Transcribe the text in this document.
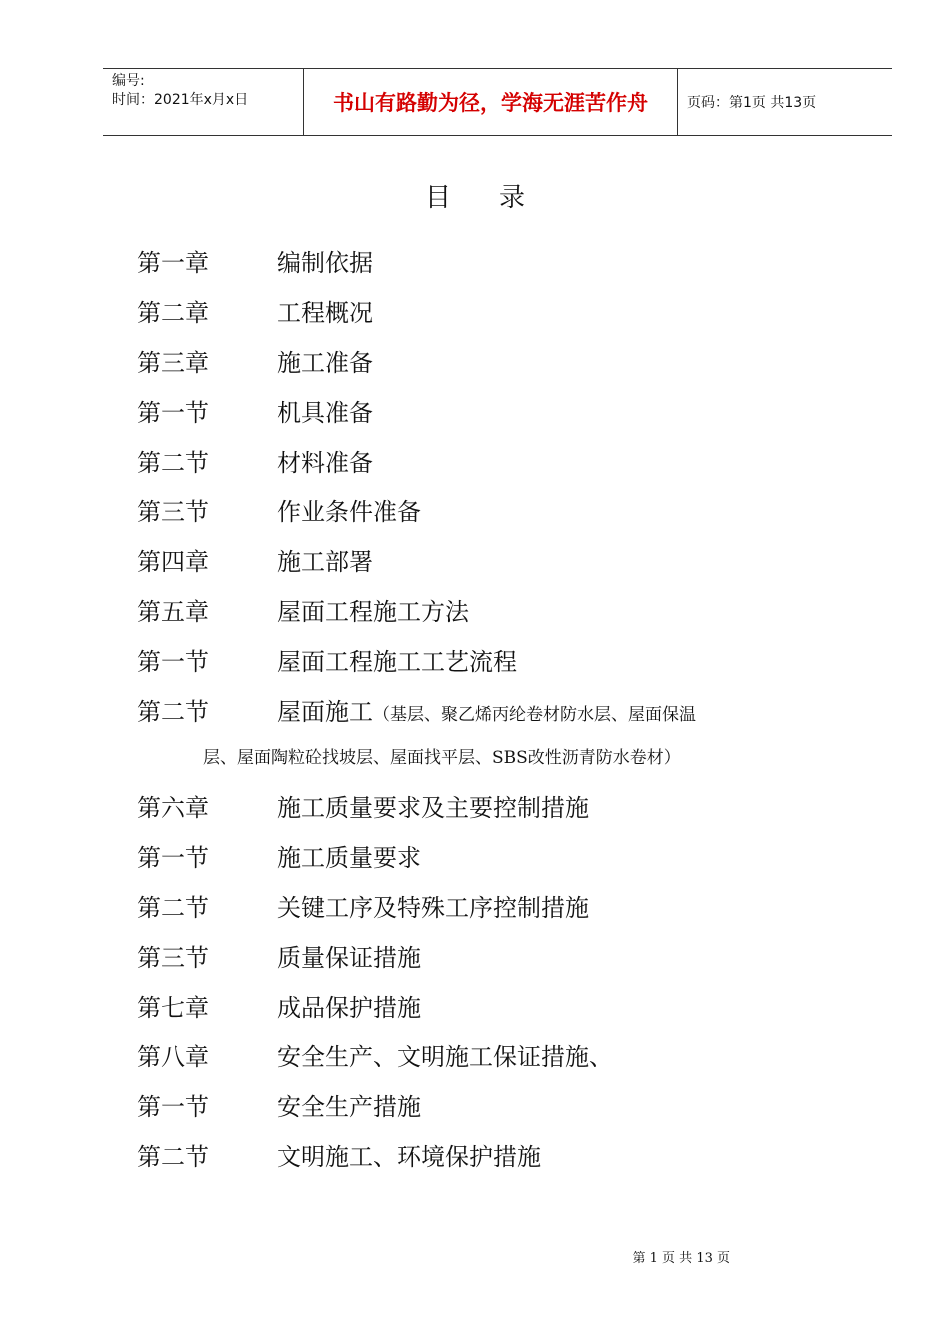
编号:
时间：2021年x月x日	书山有路勤为径，学海无涯苦作舟	页码：第1页 共13页
目录
第一章	编制依据
第二章	工程概况
第三章	施工准备
第一节	机具准备
第二节	材料准备
第三节	作业条件准备
第四章	施工部署
第五章	屋面工程施工方法
第一节	屋面工程施工工艺流程
第二节	屋面施工（基层、聚乙烯丙纶卷材防水层、屋面保温
层、屋面陶粒砼找坡层、屋面找平层、SBS改性沥青防水卷材）
第六章	施工质量要求及主要控制措施
第一节	施工质量要求
第二节	关键工序及特殊工序控制措施
第三节	质量保证措施
第七章	成品保护措施
第八章	安全生产、文明施工保证措施、
第一节	安全生产措施
第二节	文明施工、环境保护措施
第 1 页 共 13 页
